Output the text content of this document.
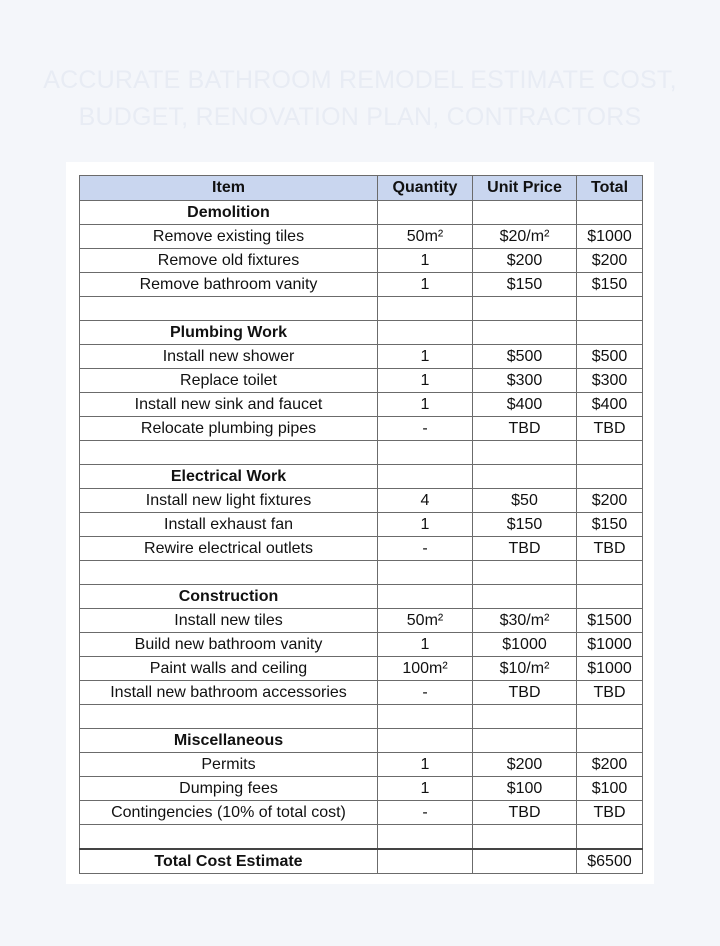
ACCURATE BATHROOM REMODEL ESTIMATE COST, BUDGET, RENOVATION PLAN, CONTRACTORS
Item	Quantity	Unit Price	Total
Demolition			
Remove existing tiles	50m²	$20/m²	$1000
Remove old fixtures	1	$200	$200
Remove bathroom vanity	1	$150	$150

Plumbing Work			
Install new shower	1	$500	$500
Replace toilet	1	$300	$300
Install new sink and faucet	1	$400	$400
Relocate plumbing pipes	-	TBD	TBD

Electrical Work			
Install new light fixtures	4	$50	$200
Install exhaust fan	1	$150	$150
Rewire electrical outlets	-	TBD	TBD

Construction			
Install new tiles	50m²	$30/m²	$1500
Build new bathroom vanity	1	$1000	$1000
Paint walls and ceiling	100m²	$10/m²	$1000
Install new bathroom accessories	-	TBD	TBD

Miscellaneous			
Permits	1	$200	$200
Dumping fees	1	$100	$100
Contingencies (10% of total cost)	-	TBD	TBD

Total Cost Estimate			$6500
